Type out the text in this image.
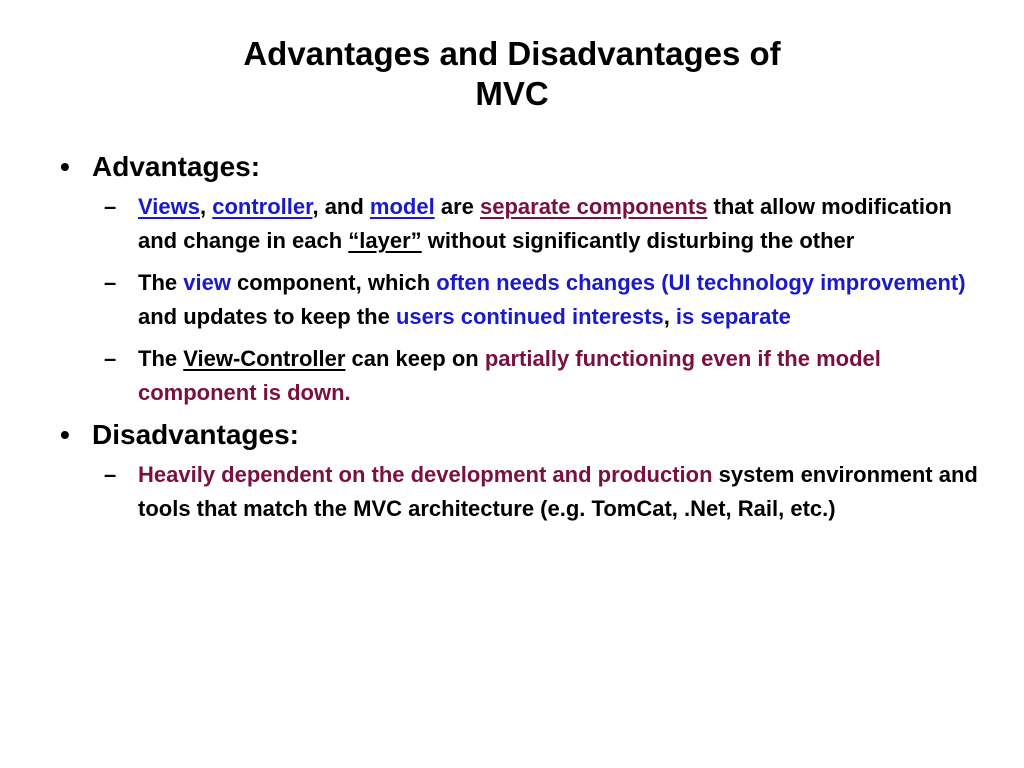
Advantages and Disadvantages of
MVC
• Advantages:
– Views, controller, and model are separate components that allow modification and change in each “layer” without significantly disturbing the other
– The view component, which often needs changes (UI technology improvement) and updates to keep the users continued interests, is separate
– The View-Controller can keep on partially functioning even if the model component is down.
• Disadvantages:
– Heavily dependent on the development and production system environment and tools that match the MVC architecture (e.g. TomCat, .Net, Rail, etc.)
